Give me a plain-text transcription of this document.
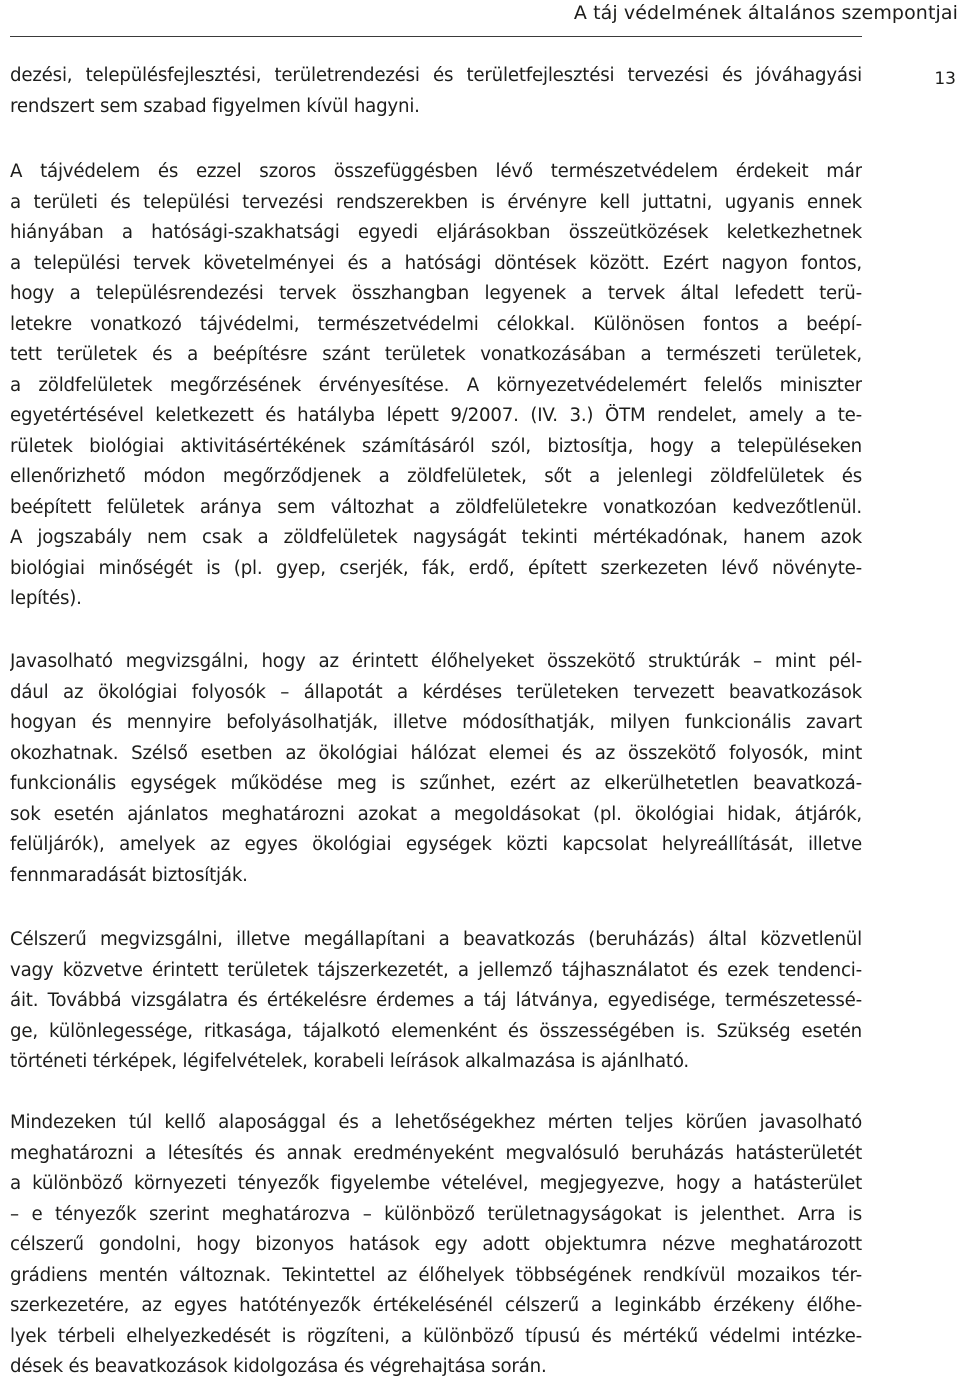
A táj védelmének általános szempontjai
13
dezési, településfejlesztési, területrendezési és területfejlesztési tervezési és jóváhagyási
rendszert sem szabad figyelmen kívül hagyni.
A tájvédelem és ezzel szoros összefüggésben lévő természetvédelem érdekeit már
a területi és települési tervezési rendszerekben is érvényre kell juttatni, ugyanis ennek
hiányában a hatósági-szakhatsági egyedi eljárásokban összeütközések keletkezhetnek
a települési tervek követelményei és a hatósági döntések között. Ezért nagyon fontos,
hogy a településrendezési tervek összhangban legyenek a tervek által lefedett terü-
letekre vonatkozó tájvédelmi, természetvédelmi célokkal. Különösen fontos a beépí-
tett területek és a beépítésre szánt területek vonatkozásában a természeti területek,
a zöldfelületek megőrzésének érvényesítése. A környezetvédelemért felelős miniszter
egyetértésével keletkezett és hatályba lépett 9/2007. (IV. 3.) ÖTM rendelet, amely a te-
rületek biológiai aktivitásértékének számításáról szól, biztosítja, hogy a településeken
ellenőrizhető módon megőrződjenek a zöldfelületek, sőt a jelenlegi zöldfelületek és
beépített felületek aránya sem változhat a zöldfelületekre vonatkozóan kedvezőtlenül.
A jogszabály nem csak a zöldfelületek nagyságát tekinti mértékadónak, hanem azok
biológiai minőségét is (pl. gyep, cserjék, fák, erdő, épített szerkezeten lévő növényte-
lepítés).
Javasolható megvizsgálni, hogy az érintett élőhelyeket összekötő struktúrák – mint pél-
dául az ökológiai folyosók – állapotát a kérdéses területeken tervezett beavatkozások
hogyan és mennyire befolyásolhatják, illetve módosíthatják, milyen funkcionális zavart
okozhatnak. Szélső esetben az ökológiai hálózat elemei és az összekötő folyosók, mint
funkcionális egységek működése meg is szűnhet, ezért az elkerülhetetlen beavatkozá-
sok esetén ajánlatos meghatározni azokat a megoldásokat (pl. ökológiai hidak, átjárók,
felüljárók), amelyek az egyes ökológiai egységek közti kapcsolat helyreállítását, illetve
fennmaradását biztosítják.
Célszerű megvizsgálni, illetve megállapítani a beavatkozás (beruházás) által közvetlenül
vagy közvetve érintett területek tájszerkezetét, a jellemző tájhasználatot és ezek tendenci-
áit. Továbbá vizsgálatra és értékelésre érdemes a táj látványa, egyedisége, természetessé-
ge, különlegessége, ritkasága, tájalkotó elemenként és összességében is. Szükség esetén
történeti térképek, légifelvételek, korabeli leírások alkalmazása is ajánlható.
Mindezeken túl kellő alaposággal és a lehetőségekhez mérten teljes körűen javasolható
meghatározni a létesítés és annak eredményeként megvalósuló beruházás hatásterületét
a különböző környezeti tényezők figyelembe vételével, megjegyezve, hogy a hatásterület
– e tényezők szerint meghatározva – különböző területnagyságokat is jelenthet. Arra is
célszerű gondolni, hogy bizonyos hatások egy adott objektumra nézve meghatározott
grádiens mentén változnak. Tekintettel az élőhelyek többségének rendkívül mozaikos tér-
szerkezetére, az egyes hatótényezők értékelésénél célszerű a leginkább érzékeny élőhe-
lyek térbeli elhelyezkedését is rögzíteni, a különböző típusú és mértékű védelmi intézke-
dések és beavatkozások kidolgozása és végrehajtása során.
